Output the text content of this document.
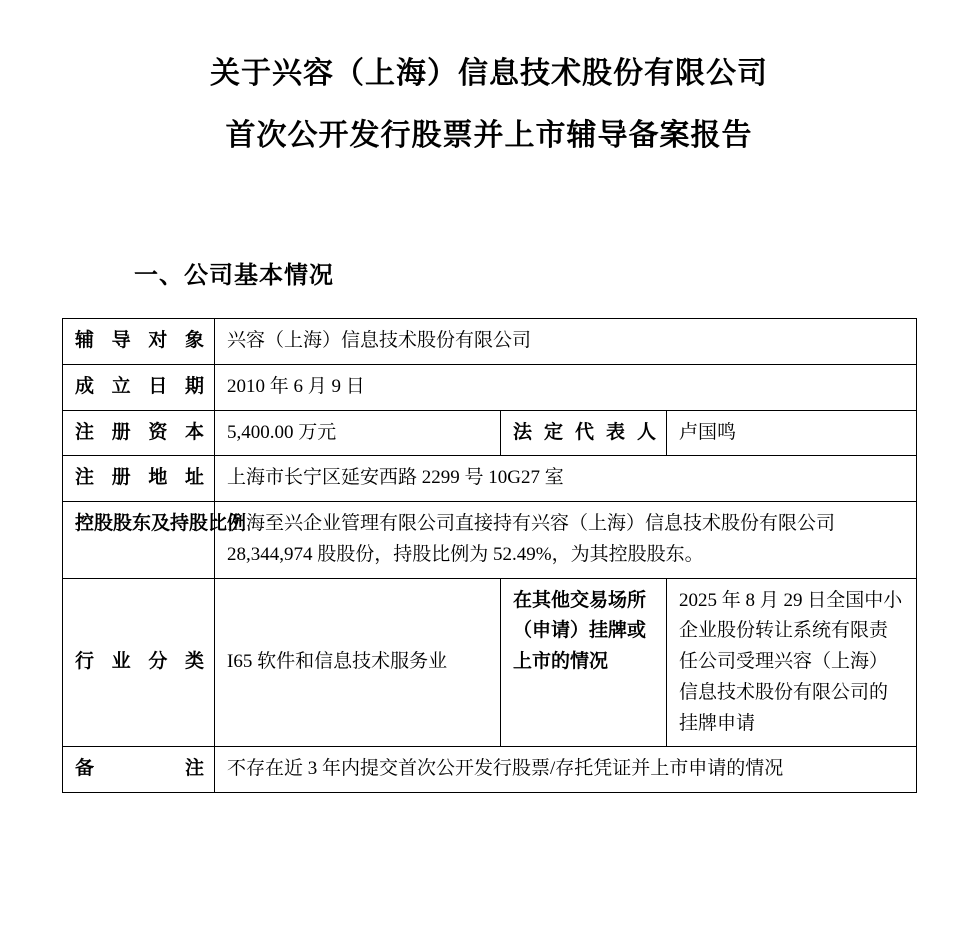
关于兴容（上海）信息技术股份有限公司
首次公开发行股票并上市辅导备案报告
一、公司基本情况
辅导对象	兴容（上海）信息技术股份有限公司		
成立日期	2010 年 6 月 9 日		
注册资本	5,400.00 万元	法定代表人	卢国鸣
注册地址	上海市长宁区延安西路 2299 号 10G27 室		
控股股东及持股比例	上海至兴企业管理有限公司直接持有兴容（上海）信息技术股份有限公司 28,344,974 股股份，持股比例为 52.49%，为其控股股东。		
行业分类	I65 软件和信息技术服务业	在其他交易场所（申请）挂牌或上市的情况	2025 年 8 月 29 日全国中小企业股份转让系统有限责任公司受理兴容（上海）信息技术股份有限公司的挂牌申请
备注	不存在近 3 年内提交首次公开发行股票/存托凭证并上市申请的情况		
